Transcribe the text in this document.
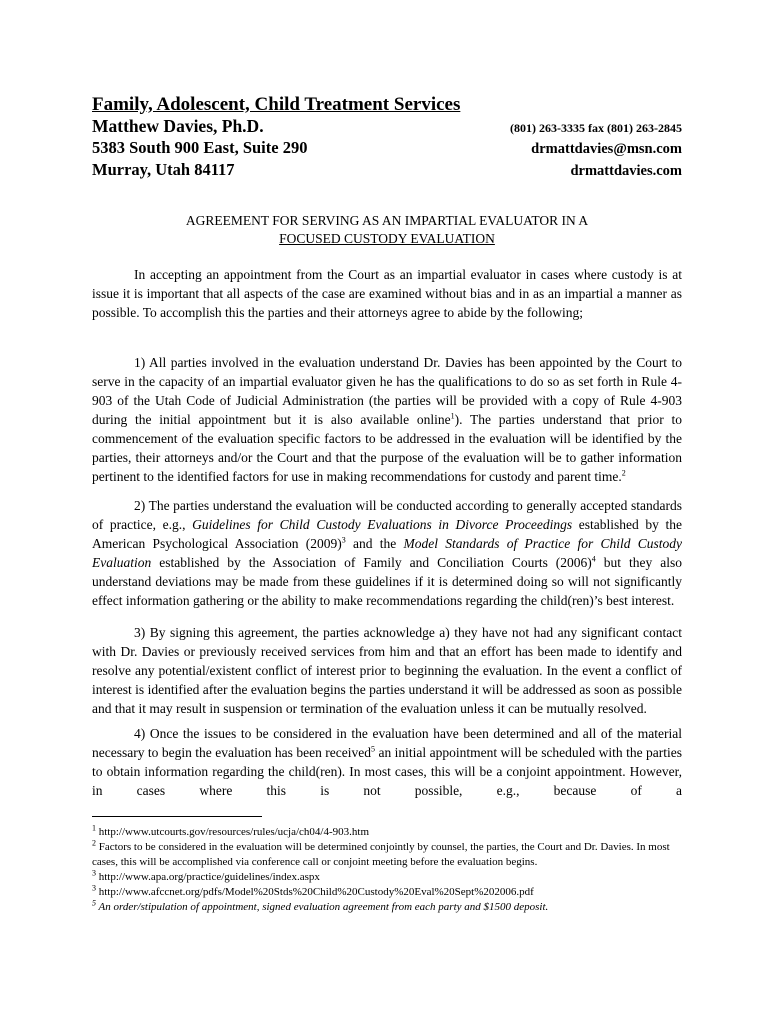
Family, Adolescent, Child Treatment Services
Matthew Davies, Ph.D.	(801) 263-3335 fax (801) 263-2845
5383 South 900 East, Suite 290	drmattdavies@msn.com
Murray, Utah 84117	drmattdavies.com
AGREEMENT FOR SERVING AS AN IMPARTIAL EVALUATOR IN A
FOCUSED CUSTODY EVALUATION

In accepting an appointment from the Court as an impartial evaluator in cases where custody is at issue it is important that all aspects of the case are examined without bias and in as an impartial a manner as possible. To accomplish this the parties and their attorneys agree to abide by the following;

1) All parties involved in the evaluation understand Dr. Davies has been appointed by the Court to serve in the capacity of an impartial evaluator given he has the qualifications to do so as set forth in Rule 4-903 of the Utah Code of Judicial Administration (the parties will be provided with a copy of Rule 4-903 during the initial appointment but it is also available online$^1$). The parties understand that prior to commencement of the evaluation specific factors to be addressed in the evaluation will be identified by the parties, their attorneys and/or the Court and that the purpose of the evaluation will be to gather information pertinent to the identified factors for use in making recommendations for custody and parent time.$^2$

2) The parties understand the evaluation will be conducted according to generally accepted standards of practice, e.g., Guidelines for Child Custody Evaluations in Divorce Proceedings established by the American Psychological Association $(2009)^3$ and the Model Standards of Practice for Child Custody Evaluation established by the Association of Family and Conciliation Courts $(2006)^4$ but they also understand deviations may be made from these guidelines if it is determined doing so will not significantly effect information gathering or the ability to make recommendations regarding the child(ren)’s best interest.

3) By signing this agreement, the parties acknowledge a) they have not had any significant contact with Dr. Davies or previously received services from him and that an effort has been made to identify and resolve any potential/existent conflict of interest prior to beginning the evaluation. In the event a conflict of interest is identified after the evaluation begins the parties understand it will be addressed as soon as possible and that it may result in suspension or termination of the evaluation unless it can be mutually resolved.

4) Once the issues to be considered in the evaluation have been determined and all of the material necessary to begin the evaluation has been received$^5$ an initial appointment will be scheduled with the parties to obtain information regarding the child(ren). In most cases, this will be a conjoint appointment. However, in cases where this is not possible, e.g., because of a

$^1$ http://www.utcourts.gov/resources/rules/ucja/ch04/4-903.htm

$^2$ Factors to be considered in the evaluation will be determined conjointly by counsel, the parties, the Court and Dr. Davies. In most cases, this will be accomplished via conference call or conjoint meeting before the evaluation begins.

$^3$ http://www.apa.org/practice/guidelines/index.aspx

$^3$ http://www.afccnet.org/pdfs/Model%20Stds%20Child%20Custody%20Eval%20Sept%202006.pdf

$^5$ An order/stipulation of appointment, signed evaluation agreement from each party and $1500 deposit.
